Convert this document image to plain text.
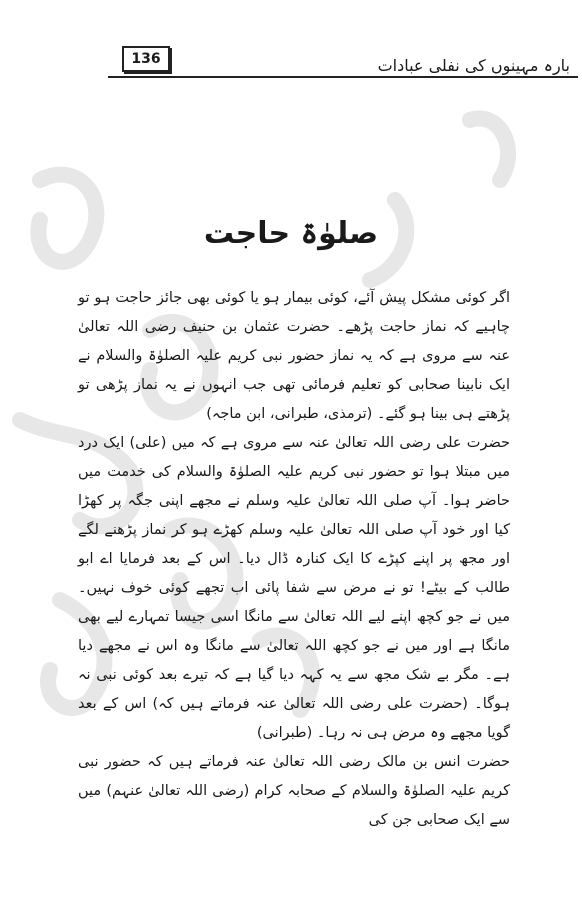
136	بارہ مہینوں کی نفلی عبادات
صلوٰۃ حاجت

اگر کوئی مشکل پیش آئے، کوئی بیمار ہو یا کوئی بھی جائز حاجت ہو تو چاہیے کہ نماز حاجت پڑھے۔ حضرت عثمان بن حنیف رضی اللہ تعالیٰ عنہ سے مروی ہے کہ یہ نماز حضور نبی کریم علیہ الصلوٰۃ والسلام نے ایک نابینا صحابی کو تعلیم فرمائی تھی جب انہوں نے یہ نماز پڑھی تو پڑھتے ہی بینا ہو گئے۔ (ترمذی، طبرانی، ابن ماجہ)

حضرت علی رضی اللہ تعالیٰ عنہ سے مروی ہے کہ میں (علی) ایک درد میں مبتلا ہوا تو حضور نبی کریم علیہ الصلوٰۃ والسلام کی خدمت میں حاضر ہوا۔ آپ صلی اللہ تعالیٰ علیہ وسلم نے مجھے اپنی جگہ پر کھڑا کیا اور خود آپ صلی اللہ تعالیٰ علیہ وسلم کھڑے ہو کر نماز پڑھنے لگے اور مجھ پر اپنے کپڑے کا ایک کنارہ ڈال دیا۔ اس کے بعد فرمایا اے ابو طالب کے بیٹے! تو نے مرض سے شفا پائی اب تجھے کوئی خوف نہیں۔ میں نے جو کچھ اپنے لیے اللہ تعالیٰ سے مانگا اسی جیسا تمہارے لیے بھی مانگا ہے اور میں نے جو کچھ اللہ تعالیٰ سے مانگا وہ اس نے مجھے دیا ہے۔ مگر بے شک مجھ سے یہ کہہ دیا گیا ہے کہ تیرے بعد کوئی نبی نہ ہوگا۔ (حضرت علی رضی اللہ تعالیٰ عنہ فرماتے ہیں کہ) اس کے بعد گویا مجھے وہ مرض ہی نہ رہا۔ (طبرانی)

حضرت انس بن مالک رضی اللہ تعالیٰ عنہ فرماتے ہیں کہ حضور نبی کریم علیہ الصلوٰۃ والسلام کے صحابہ کرام (رضی اللہ تعالیٰ عنہم) میں سے ایک صحابی جن کی
